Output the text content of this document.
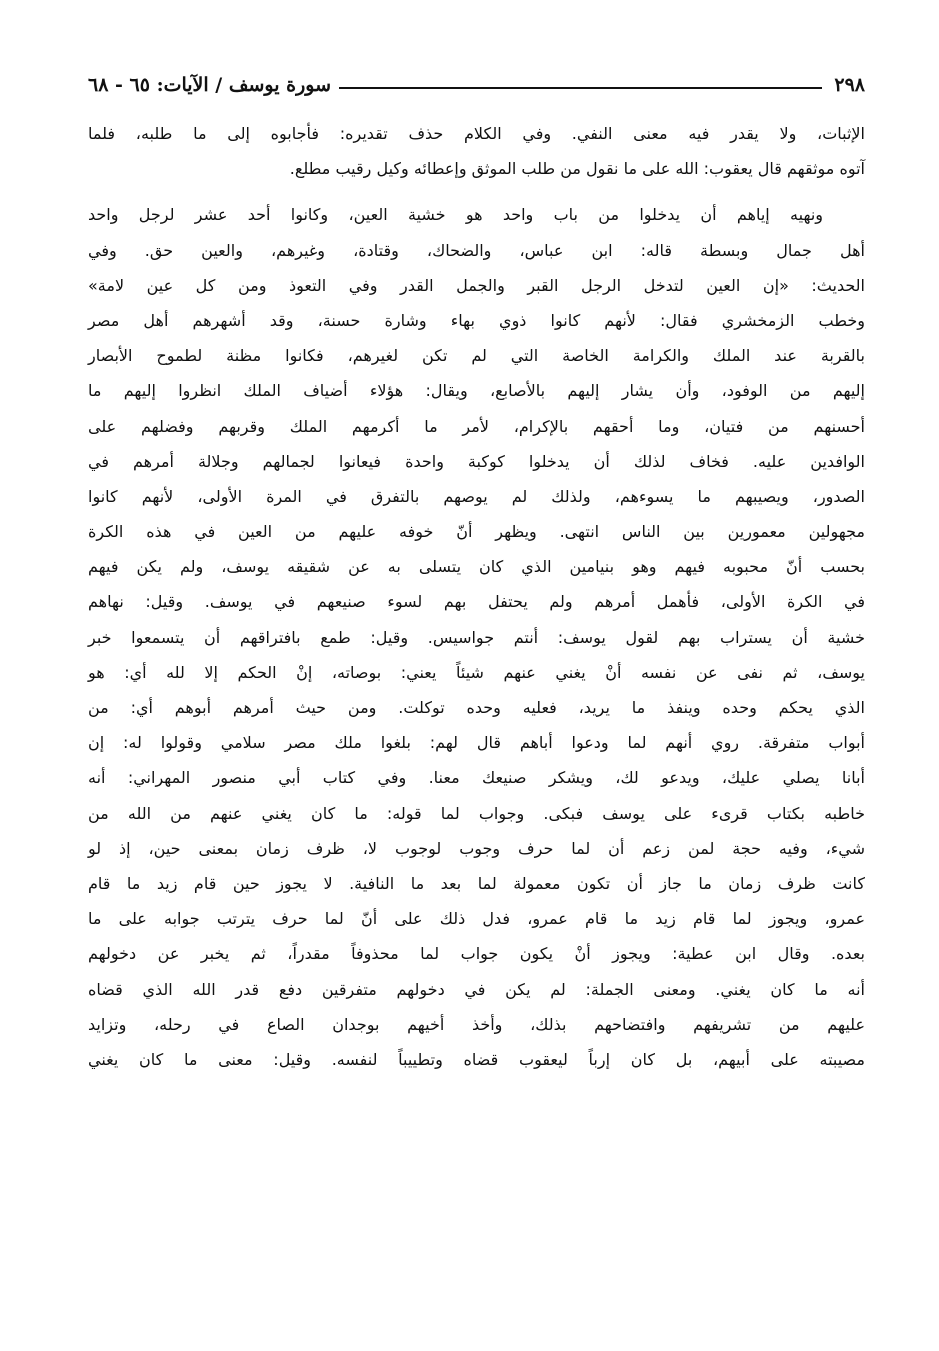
٢٩٨
سورة يوسف / الآيات: ٦٥ - ٦٨
الإثبات، ولا يقدر فيه معنى النفي. وفي الكلام حذف تقديره: فأجابوه إلى ما طلبه، فلما
آتوه موثقهم قال يعقوب: الله على ما نقول من طلب الموثق وإعطائه وكيل رقيب مطلع.
ونهيه إياهم أن يدخلوا من باب واحد هو خشية العين، وكانوا أحد عشر لرجل واحد
أهل جمال وبسطة قاله: ابن عباس، والضحاك، وقتادة، وغيرهم، والعين حق. وفي
الحديث: «إن العين لتدخل الرجل القبر والجمل القدر وفي التعوذ ومن كل عين لامة»
وخطب الزمخشري فقال: لأنهم كانوا ذوي بهاء وشارة حسنة، وقد أشهرهم أهل مصر
بالقربة عند الملك والكرامة الخاصة التي لم تكن لغيرهم، فكانوا مظنة لطموح الأبصار
إليهم من الوفود، وأن يشار إليهم بالأصابع، ويقال: هؤلاء أضياف الملك انظروا إليهم ما
أحسنهم من فتيان، وما أحقهم بالإكرام، لأمر ما أكرمهم الملك وقربهم وفضلهم على
الوافدين عليه. فخاف لذلك أن يدخلوا كوكبة واحدة فيعانوا لجمالهم وجلالة أمرهم في
الصدور، ويصيبهم ما يسوءهم، ولذلك لم يوصهم بالتفرق في المرة الأولى، لأنهم كانوا
مجهولين معمورين بين الناس انتهى. ويظهر أنّ خوفه عليهم من العين في هذه الكرة
بحسب أنّ محبوبه فيهم وهو بنيامين الذي كان يتسلى به عن شقيقه يوسف، ولم يكن فيهم
في الكرة الأولى، فأهمل أمرهم ولم يحتفل بهم لسوء صنيعهم في يوسف. وقيل: نهاهم
خشية أن يستراب بهم لقول يوسف: أنتم جواسيس. وقيل: طمع بافتراقهم أن يتسمعوا خبر
يوسف، ثم نفى عن نفسه أنْ يغني عنهم شيئاً يعني: بوصاته، إنْ الحكم إلا لله أي: هو
الذي يحكم وحده وينفذ ما يريد، فعليه وحده توكلت. ومن حيث أمرهم أبوهم أي: من
أبواب متفرقة. روي أنهم لما ودعوا أباهم قال لهم: بلغوا ملك مصر سلامي وقولوا له: إن
أبانا يصلي عليك، ويدعو لك، ويشكر صنيعك معنا. وفي كتاب أبي منصور المهراني: أنه
خاطبه بكتاب قرىء على يوسف فبكى. وجواب لما قوله: ما كان يغني عنهم من الله من
شيء، وفيه حجة لمن زعم أن لما حرف وجوب لوجوب لا، ظرف زمان بمعنى حين، إذ لو
كانت ظرف زمان ما جاز أن تكون معمولة لما بعد ما النافية. لا يجوز حين قام زيد ما قام
عمرو، ويجوز لما قام زيد ما قام عمرو، فدل ذلك على أنّ لما حرف يترتب جوابه على ما
بعده. وقال ابن عطية: ويجوز أنْ يكون جواب لما محذوفاً مقدراً، ثم يخبر عن دخولهم
أنه ما كان يغني. ومعنى الجملة: لم يكن في دخولهم متفرقين دفع قدر الله الذي قضاه
عليهم من تشريفهم وافتضاحهم بذلك، وأخذ أخيهم بوجدان الصاع في رحله، وتزايد
مصيبته على أبيهم، بل كان إرباً ليعقوب قضاه وتطييباً لنفسه. وقيل: معنى ما كان يغني
